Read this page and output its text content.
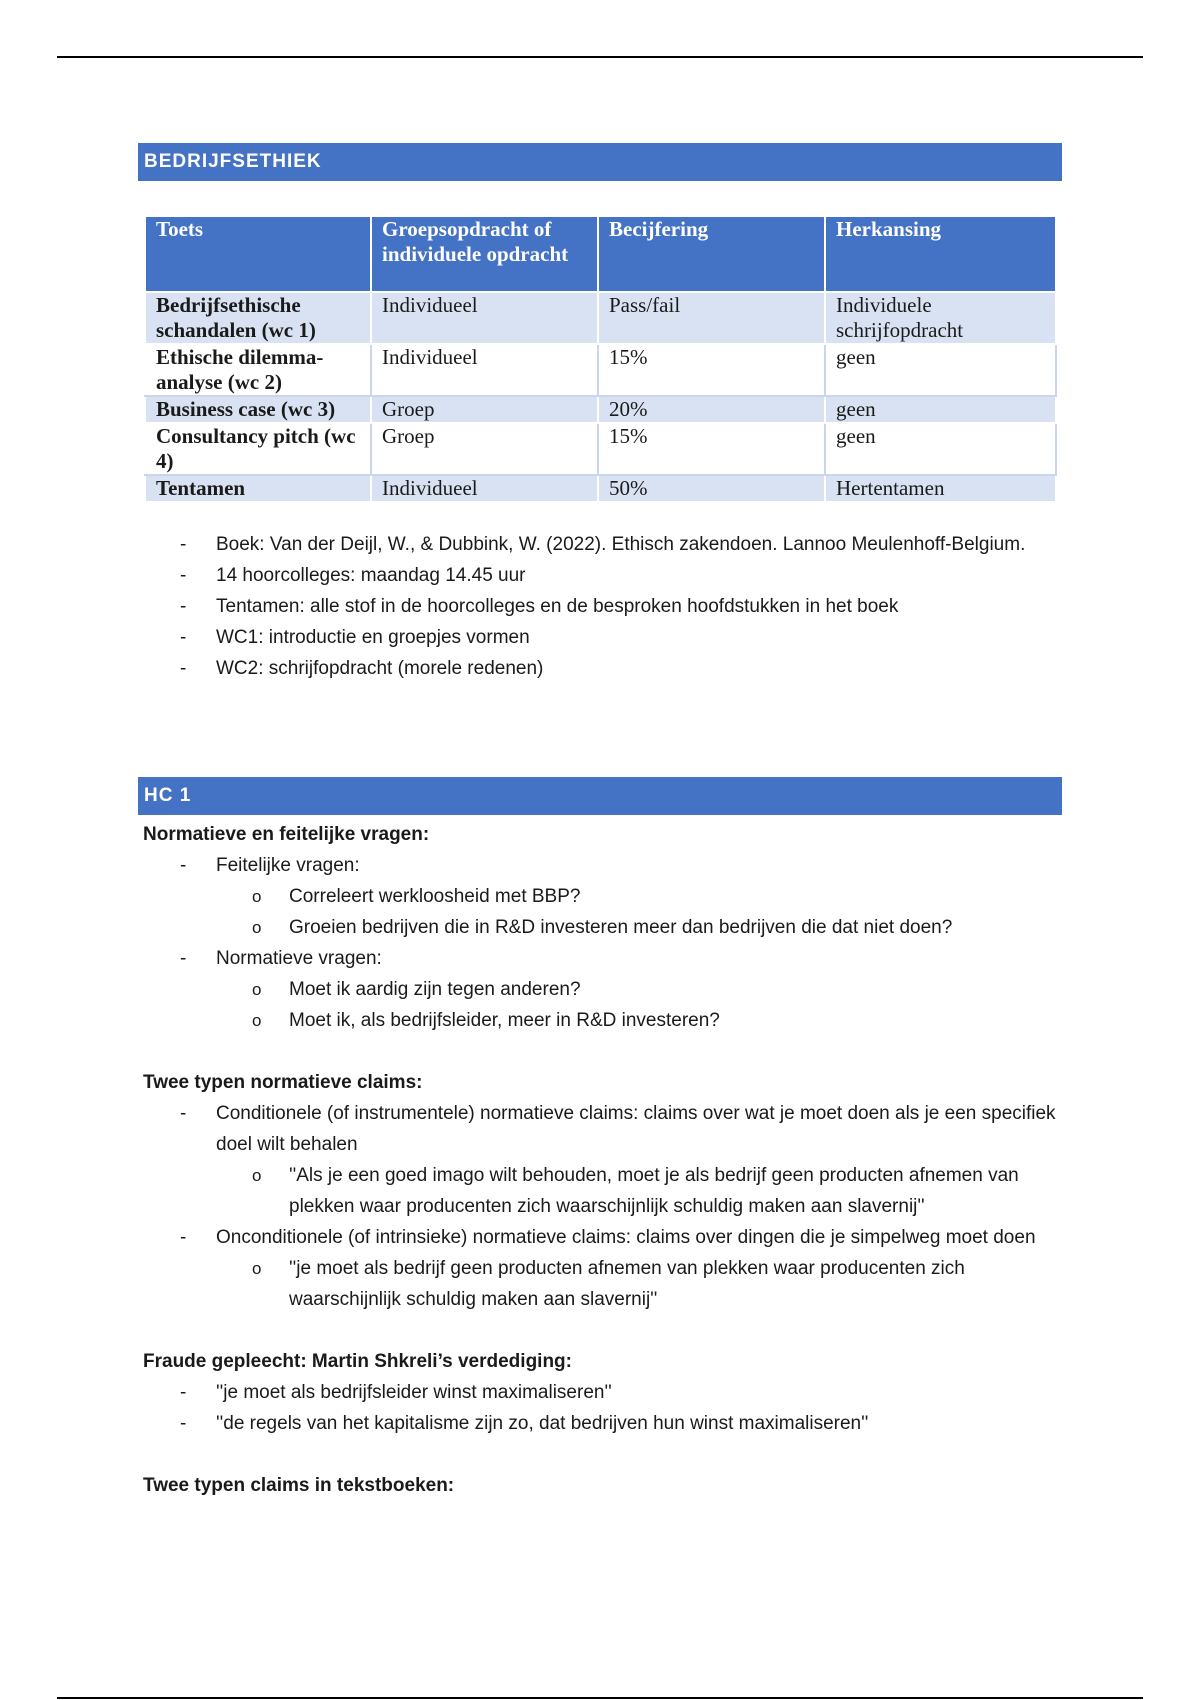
BEDRIJFSETHIEK
Toets	Groepsopdracht of individuele opdracht	Becijfering	Herkansing
Bedrijfsethische schandalen (wc 1)	Individueel	Pass/fail	Individuele schrijfopdracht
Ethische dilemma-analyse (wc 2)	Individueel	15%	geen
Business case (wc 3)	Groep	20%	geen
Consultancy pitch (wc 4)	Groep	15%	geen
Tentamen	Individueel	50%	Hertentamen
- Boek: Van der Deijl, W., & Dubbink, W. (2022). Ethisch zakendoen. Lannoo Meulenhoff-Belgium.
- 14 hoorcolleges: maandag 14.45 uur
- Tentamen: alle stof in de hoorcolleges en de besproken hoofdstukken in het boek
- WC1: introductie en groepjes vormen
- WC2: schrijfopdracht (morele redenen)
HC 1
Normatieve en feitelijke vragen:
- Feitelijke vragen:
o Correleert werkloosheid met BBP?
o Groeien bedrijven die in R&D investeren meer dan bedrijven die dat niet doen?
- Normatieve vragen:
o Moet ik aardig zijn tegen anderen?
o Moet ik, als bedrijfsleider, meer in R&D investeren?
Twee typen normatieve claims:
- Conditionele (of instrumentele) normatieve claims: claims over wat je moet doen als je een specifiek doel wilt behalen
o ''Als je een goed imago wilt behouden, moet je als bedrijf geen producten afnemen van plekken waar producenten zich waarschijnlijk schuldig maken aan slavernij''
- Onconditionele (of intrinsieke) normatieve claims: claims over dingen die je simpelweg moet doen
o ''je moet als bedrijf geen producten afnemen van plekken waar producenten zich waarschijnlijk schuldig maken aan slavernij''
Fraude gepleecht: Martin Shkreli’s verdediging:
- ''je moet als bedrijfsleider winst maximaliseren''
- ''de regels van het kapitalisme zijn zo, dat bedrijven hun winst maximaliseren''
Twee typen claims in tekstboeken:
